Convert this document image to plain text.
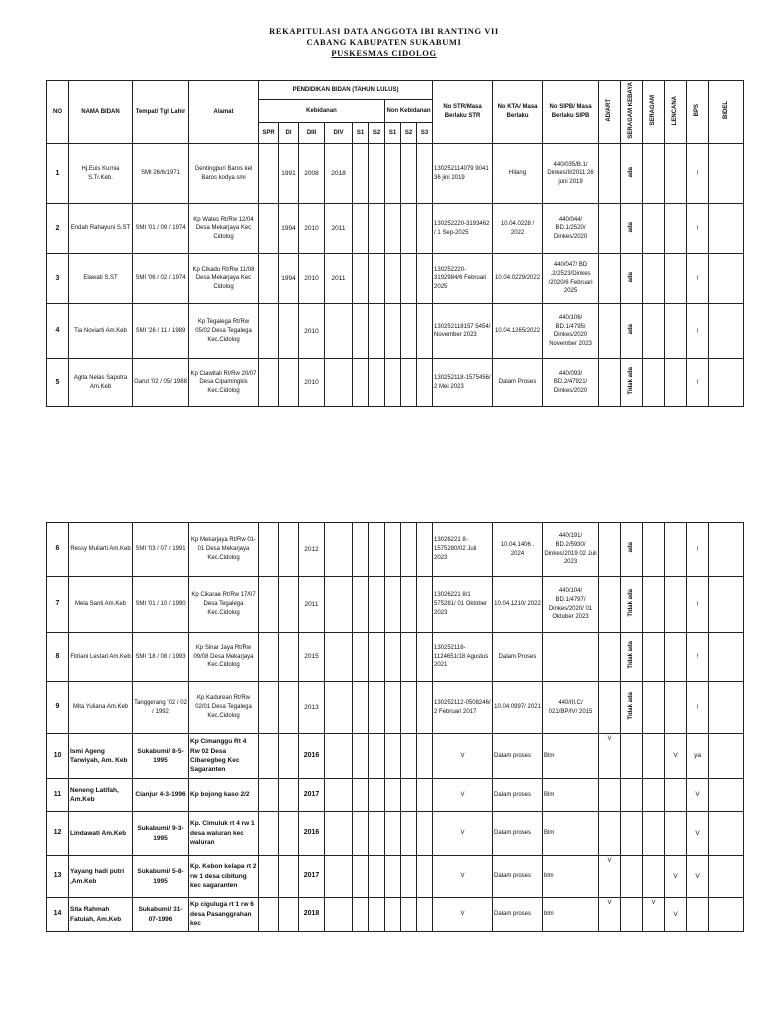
REKAPITULASI DATA ANGGOTA IBI RANTING VII
CABANG KABUPATEN SUKABUMI
PUSKESMAS CIDOLOG
NO	NAMA BIDAN	Tempat/ Tgl Lahir	Alamat	PENDIDIKAN BIDAN (TAHUN LULUS)									No STR/Masa Berlaku STR	No KTA/ Masa Berlaku	No SIPB/ Masa Berlaku SIPB	AD/ART	SERAGAM KEBAYA	SERAGAM	LENCANA	BPS	BIDEL
				Kebidanan						Non Kebidanan											
				SPR	DI	DIII	DIV	S1	S2	S1	S2	S3									
1	Hj.Euis Kurnia S.Tr.Keb.	SMI 26/6/1971	Gentingpuri Baros kel Baros kodya smi		1991	2008	2018						130252114079 9041 36 jini 2019	Hilang	440/035/B.1/ Dinkes/II/2011 26 juni 2019		ada			!	
2	Endah Rahayuni S.ST	SMI '01 / 09 / 1974	Kp Wates Rt/Rw 12/04 Desa Mekarjaya Kec Cidolog		1994	2010	2011						130252220-3193462 / 1 Sep-2025	10.04.0228 / 2022	440/044/ BD.1/2520/ Dinkes/2020		ada			!	
3	Elawati S.ST	SMI '06 / 02 / 1974	Kp Cikadu Rt/Rw 11/08 Desa Mekarjaya Kec Cidolog		1994	2010	2011						130252220-3192984/6 Februari 2025	10.04.0229/2022	440/047/ BD .2/2523/Dinkes /2020/6 Februari 2025		ada			!	
4	Tia Noviarti Am.Keb	SMI '26 / 11 / 1989	Kp Tegalega Rt/Rw 05/02 Desa Tegalega Kec.Cidolog			2010							130252118157 5454/ November 2023	10.04.1265/2022	440/106/ BD.1/4795/ Dinkes/2020 November 2023		ada			!	
5	Agita Nelas Saputra Am.Keb	Garut '02 / 05/ 1988	Kp Ciawitali Rt/Rw 20/07 Desa Cipamingkis Kec.Cidolog			2010							130252118-1575456/ 2 Mei 2023	Dalam Proses	440/093/ BD.2/47921/ Dinkes/2020		Tidak ada			!	
6	Ressy Muliarti Am.Keb	SMI '03 / 07 / 1991	Kp Mekarjaya Rt/Rw 01-01 Desa Mekarjaya Kec.Cidolog			2012							13026221 8-1575280/02 Juli 2023	10.04.1406 . 2024	440/191/ BD.2/5930/ Dinkes/2019 02 Juli 2023		ada			!	
7	Mela Santi Am.Keb	SMI '01 / 10 / 1990	Kp Cikarae Rt/Rw 17/07 Desa Tegalega Kec.Cidolog			2011							13026221 8/1 575281/ 01 Oktober 2023	10.04.1210/ 2022	440/104/ BD.1/4797/ Dinkes/2020/ 01 Oktober 2023		Tidak ada			!	
8	Fitriani Lestari Am.Keb	SMI '18 / 08 / 1993	Kp Sinar Jaya Rt/Rw 09/08 Desa Mekarjaya Kec.Cidolog			2015							130252116-1124651/18 Agustus 2021	Dalam Proses			Tidak ada			!	
9	Mita Yuliana Am.Keb	Tanggerang '02 / 02 / 1992	Kp Kadurean Rt/Rw 02/01 Desa Tegalega Kec.Cidolog			2013							130252112-0508246/ 2 Februari 2017	10.04.0997/ 2021	440/III.C/ 021/BP/IV/ 2015		Tidak ada			!	
10	Ismi Ageng Tarwiyah, Am. Keb	Sukabumi/ 8-5-1995	Kp Cimanggu Rt 4 Rw 02 Desa Cibaregbeg Kec Sagaranten			2016							V	Dalam proses	Blm	V			V	ya	
11	Neneng Latifah, Am.Keb	Cianjur 4-3-1996	Kp bojong kaso 2/2			2017							V	Dalam proses	Blm					V	
12	Lindawati Am.Keb	Sukabumi/ 9-3-1995	Kp. Cimuluk rt 4 rw 1 desa waluran kec waluran			2016							V	Dalam proses	Blm					V	
13	Yayang hadi putri ,Am.Keb	Sukabumi/ 5-8-1995	Kp. Kebon kelapa rt 2 rw 1 desa cibitung kec sagaranten			2017							V	Dalam proses	blm	V			V	V	
14	Sita Rahmah Fatulah, Am.Keb	Sukabumi/ 31-07-1996	Kp ciguluga rt 1 rw 6 desa Pasanggrahan kec			2018							V	Dalam proses	blm	V		V	V		
